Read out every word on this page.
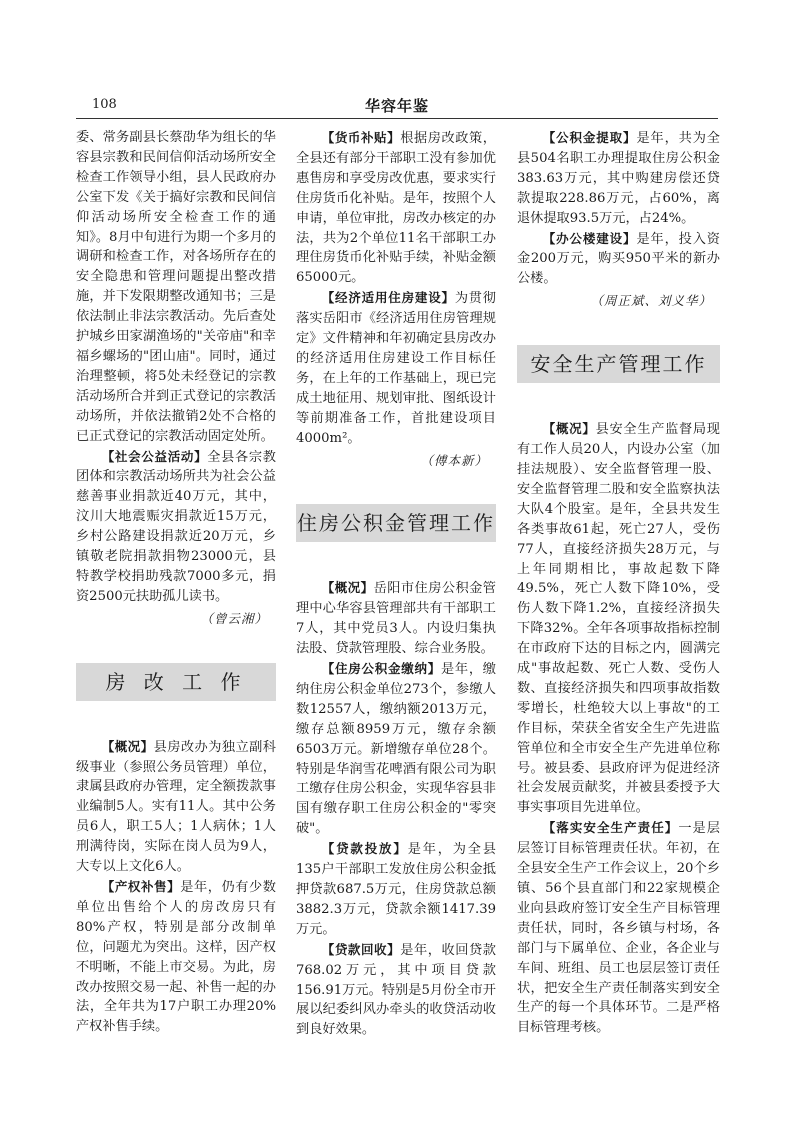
108	华容年鉴

委、常务副县长蔡劭华为组长的华容县宗教和民间信仰活动场所安全检查工作领导小组，县人民政府办公室下发《关于搞好宗教和民间信仰活动场所安全检查工作的通知》。8月中旬进行为期一个多月的调研和检查工作，对各场所存在的安全隐患和管理问题提出整改措施，并下发限期整改通知书；三是依法制止非法宗教活动。先后查处护城乡田家湖渔场的"关帝庙"和幸福乡螺场的"团山庙"。同时，通过治理整顿，将5处未经登记的宗教活动场所合并到正式登记的宗教活动场所，并依法撤销2处不合格的已正式登记的宗教活动固定处所。

【社会公益活动】全县各宗教团体和宗教活动场所共为社会公益慈善事业捐款近40万元，其中，汶川大地震赈灾捐款近15万元，乡村公路建设捐款近20万元，乡镇敬老院捐款捐物23000元，县特教学校捐助残款7000多元，捐资2500元扶助孤儿读书。

（曾云湘）
房 改 工 作

【概况】县房改办为独立副科级事业（参照公务员管理）单位，隶属县政府办管理，定全额拨款事业编制5人。实有11人。其中公务员6人，职工5人；1人病休；1人刑满待岗，实际在岗人员为9人，大专以上文化6人。

【产权补售】是年，仍有少数单位出售给个人的房改房只有80%产权，特别是部分改制单位，问题尤为突出。这样，因产权不明晰，不能上市交易。为此，房改办按照交易一起、补售一起的办法，全年共为17户职工办理20%产权补售手续。

【货币补贴】根据房改政策，全县还有部分干部职工没有参加优惠售房和享受房改优惠，要求实行住房货币化补贴。是年，按照个人申请，单位审批，房改办核定的办法，共为2个单位11名干部职工办理住房货币化补贴手续，补贴金额65000元。

【经济适用住房建设】为贯彻落实岳阳市《经济适用住房管理规定》文件精神和年初确定县房改办的经济适用住房建设工作目标任务，在上年的工作基础上，现已完成土地征用、规划审批、图纸设计等前期准备工作，首批建设项目4000m²。

（傅本新）
住房公积金管理工作

【概况】岳阳市住房公积金管理中心华容县管理部共有干部职工7人，其中党员3人。内设归集执法股、贷款管理股、综合业务股。

【住房公积金缴纳】是年，缴纳住房公积金单位273个，参缴人数12557人，缴纳额2013万元，缴存总额8959万元，缴存余额6503万元。新增缴存单位28个。特别是华润雪花啤酒有限公司为职工缴存住房公积金，实现华容县非国有缴存职工住房公积金的"零突破"。

【贷款投放】是年，为全县135户干部职工发放住房公积金抵押贷款687.5万元，住房贷款总额3882.3万元，贷款余额1417.39万元。

【贷款回收】是年，收回贷款768.02万元，其中项目贷款156.91万元。特别是5月份全市开展以纪委纠风办牵头的收贷活动收到良好效果。

【公积金提取】是年，共为全县504名职工办理提取住房公积金383.63万元，其中购建房偿还贷款提取228.86万元，占60%，离退休提取93.5万元，占24%。

【办公楼建设】是年，投入资金200万元，购买950平米的新办公楼。

（周正斌、刘义华）
安全生产管理工作

【概况】县安全生产监督局现有工作人员20人，内设办公室（加挂法规股）、安全监督管理一股、安全监督管理二股和安全监察执法大队4个股室。是年，全县共发生各类事故61起，死亡27人，受伤77人，直接经济损失28万元，与上年同期相比，事故起数下降49.5%，死亡人数下降10%，受伤人数下降1.2%，直接经济损失下降32%。全年各项事故指标控制在市政府下达的目标之内，圆满完成"事故起数、死亡人数、受伤人数、直接经济损失和四项事故指数零增长，杜绝较大以上事故"的工作目标，荣获全省安全生产先进监管单位和全市安全生产先进单位称号。被县委、县政府评为促进经济社会发展贡献奖，并被县委授予大事实事项目先进单位。

【落实安全生产责任】一是层层签订目标管理责任状。年初，在全县安全生产工作会议上，20个乡镇、56个县直部门和22家规模企业向县政府签订安全生产目标管理责任状，同时，各乡镇与村场，各部门与下属单位、企业，各企业与车间、班组、员工也层层签订责任状，把安全生产责任制落实到安全生产的每一个具体环节。二是严格目标管理考核。
